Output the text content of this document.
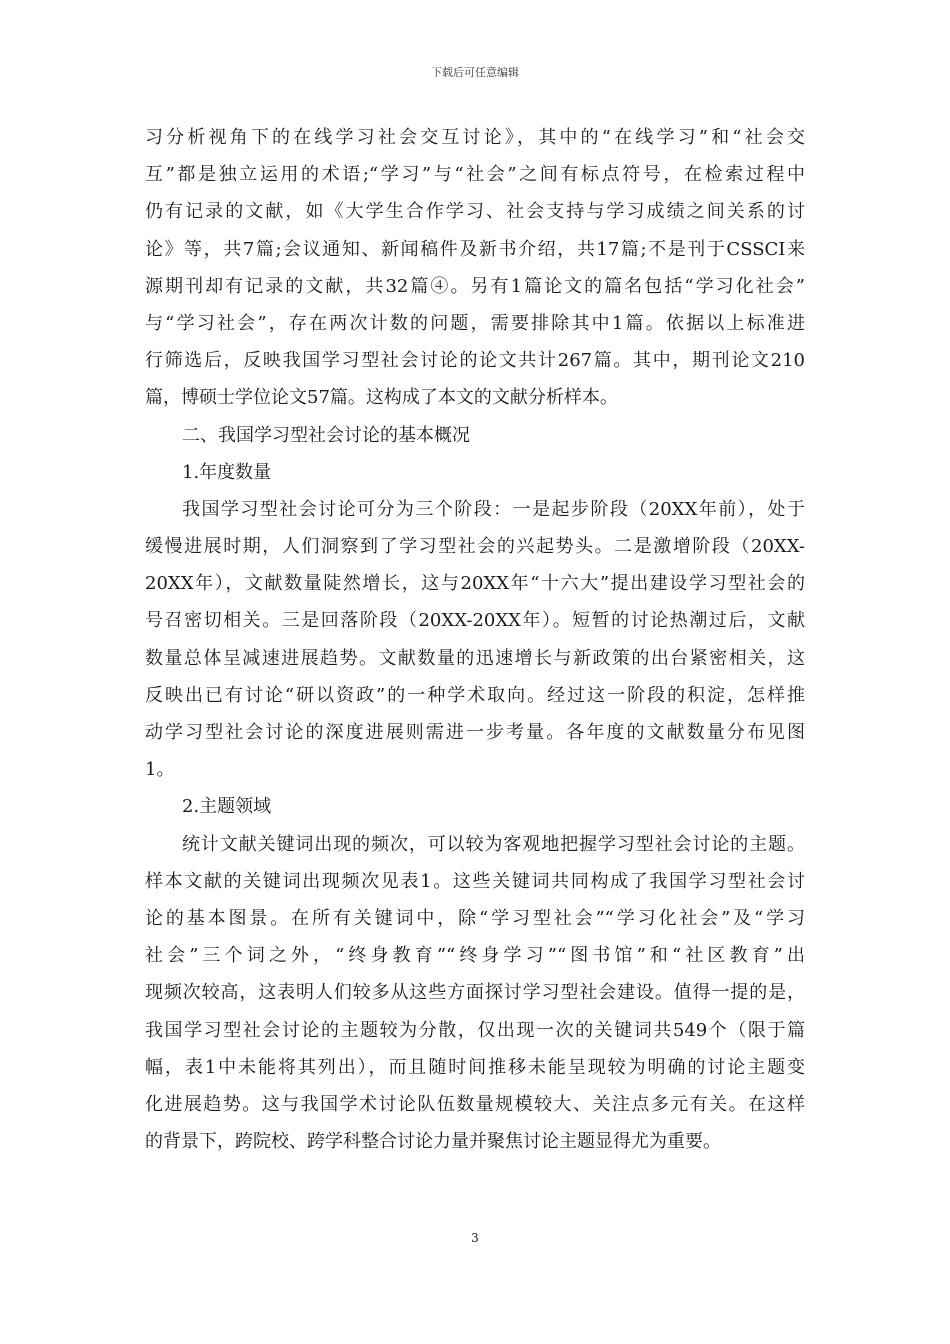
下载后可任意编辑
习分析视角下的在线学习社会交互讨论》，其中的“在线学习”和“社会交
互”都是独立运用的术语;“学习”与“社会”之间有标点符号，在检索过程中
仍有记录的文献，如《大学生合作学习、社会支持与学习成绩之间关系的讨
论》等，共7篇;会议通知、新闻稿件及新书介绍，共17篇;不是刊于CSSCI来
源期刊却有记录的文献，共32篇④。另有1篇论文的篇名包括“学习化社会”
与“学习社会”，存在两次计数的问题，需要排除其中1篇。依据以上标准进
行筛选后，反映我国学习型社会讨论的论文共计267篇。其中，期刊论文210
篇，博硕士学位论文57篇。这构成了本文的文献分析样本。
二、我国学习型社会讨论的基本概况
1.年度数量
我国学习型社会讨论可分为三个阶段：一是起步阶段（20XX年前），处于
缓慢进展时期，人们洞察到了学习型社会的兴起势头。二是激增阶段（20XX-
20XX年），文献数量陡然增长，这与20XX年“十六大”提出建设学习型社会的
号召密切相关。三是回落阶段（20XX-20XX年）。短暂的讨论热潮过后，文献
数量总体呈减速进展趋势。文献数量的迅速增长与新政策的出台紧密相关，这
反映出已有讨论“研以资政”的一种学术取向。经过这一阶段的积淀，怎样推
动学习型社会讨论的深度进展则需进一步考量。各年度的文献数量分布见图
1。
2.主题领域
统计文献关键词出现的频次，可以较为客观地把握学习型社会讨论的主题。
样本文献的关键词出现频次见表1。这些关键词共同构成了我国学习型社会讨
论的基本图景。在所有关键词中，除“学习型社会”“学习化社会”及“学习
社会”三个词之外，“终身教育”“终身学习”“图书馆”和“社区教育”出
现频次较高，这表明人们较多从这些方面探讨学习型社会建设。值得一提的是，
我国学习型社会讨论的主题较为分散，仅出现一次的关键词共549个（限于篇
幅，表1中未能将其列出），而且随时间推移未能呈现较为明确的讨论主题变
化进展趋势。这与我国学术讨论队伍数量规模较大、关注点多元有关。在这样
的背景下，跨院校、跨学科整合讨论力量并聚焦讨论主题显得尤为重要。
3
